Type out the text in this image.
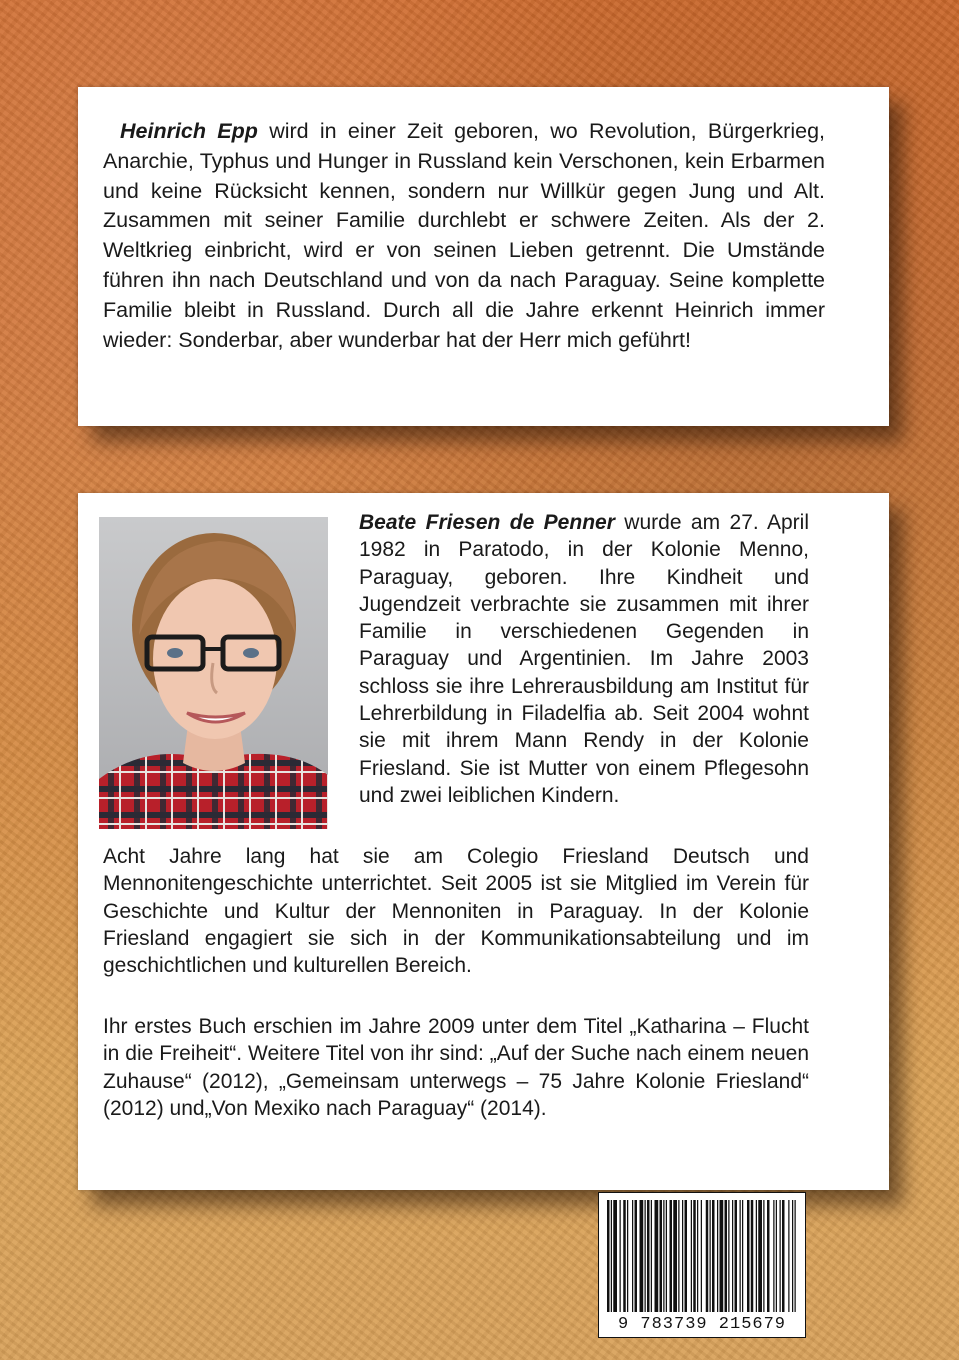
Heinrich Epp wird in einer Zeit geboren, wo Revolution, Bürgerkrieg, Anarchie, Typhus und Hunger in Russland kein Verschonen, kein Erbarmen und keine Rücksicht kennen, sondern nur Willkür gegen Jung und Alt. Zusammen mit seiner Familie durchlebt er schwere Zeiten. Als der 2. Weltkrieg einbricht, wird er von seinen Lieben getrennt. Die Umstände führen ihn nach Deutschland und von da nach Paraguay. Seine komplette Familie bleibt in Russland. Durch all die Jahre erkennt Heinrich immer wieder: Sonderbar, aber wunderbar hat der Herr mich geführt!

Beate Friesen de Penner wurde am 27. April 1982 in Paratodo, in der Kolonie Menno, Paraguay, geboren. Ihre Kindheit und Jugendzeit verbrachte sie zusammen mit ihrer Familie in verschiedenen Gegenden in Paraguay und Argentinien. Im Jahre 2003 schloss sie ihre Lehrerausbildung am Institut für Lehrerbildung in Filadelfia ab. Seit 2004 wohnt sie mit ihrem Mann Rendy in der Kolonie Friesland. Sie ist Mutter von einem Pflegesohn und zwei leiblichen Kindern.

Acht Jahre lang hat sie am Colegio Friesland Deutsch und Mennonitengeschichte unterrichtet. Seit 2005 ist sie Mitglied im Verein für Geschichte und Kultur der Mennoniten in Paraguay. In der Kolonie Friesland engagiert sie sich in der Kommunikationsabteilung und im geschichtlichen und kulturellen Bereich.

Ihr erstes Buch erschien im Jahre 2009 unter dem Titel „Katharina – Flucht in die Freiheit“. Weitere Titel von ihr sind: „Auf der Suche nach einem neuen Zuhause“ (2012), „Gemeinsam unterwegs – 75 Jahre Kolonie Friesland“ (2012) und„Von Mexiko nach Paraguay“ (2014).

9 783739 215679
